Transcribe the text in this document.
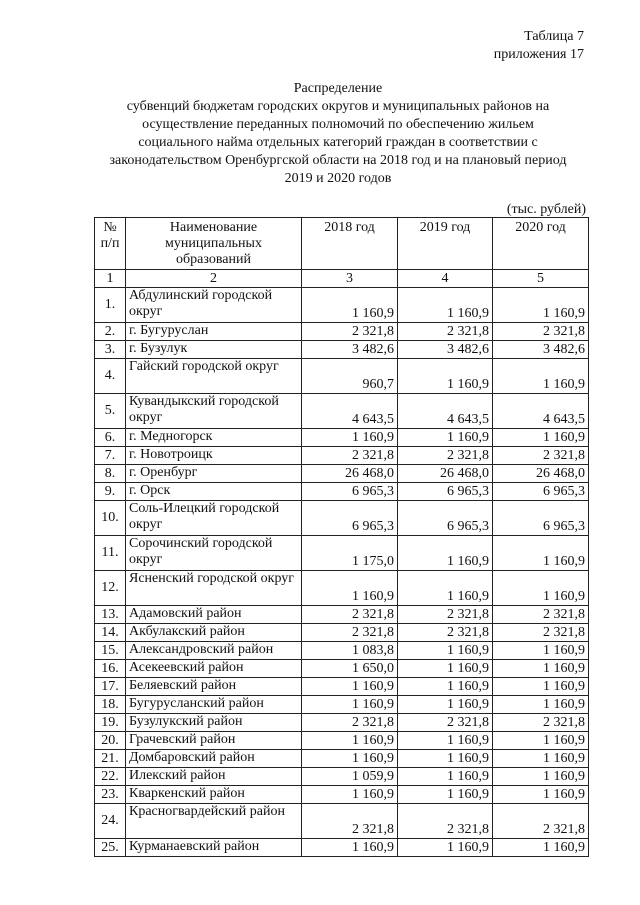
Таблица 7
приложения 17
Распределение
субвенций бюджетам городских округов и муниципальных районов на
осуществление переданных полномочий по обеспечению жильем
социального найма отдельных категорий граждан в соответствии с
законодательством Оренбургской области на 2018 год и на плановый период
2019 и 2020 годов
(тыс. рублей)
№ п/п	Наименование муниципальных образований	2018 год	2019 год	2020 год
1	2	3	4	5
1.	Абдулинский городской округ	1 160,9	1 160,9	1 160,9
2.	г. Бугуруслан	2 321,8	2 321,8	2 321,8
3.	г. Бузулук	3 482,6	3 482,6	3 482,6
4.	Гайский городской округ	960,7	1 160,9	1 160,9
5.	Кувандыкский городской округ	4 643,5	4 643,5	4 643,5
6.	г. Медногорск	1 160,9	1 160,9	1 160,9
7.	г. Новотроицк	2 321,8	2 321,8	2 321,8
8.	г. Оренбург	26 468,0	26 468,0	26 468,0
9.	г. Орск	6 965,3	6 965,3	6 965,3
10.	Соль-Илецкий городской округ	6 965,3	6 965,3	6 965,3
11.	Сорочинский городской округ	1 175,0	1 160,9	1 160,9
12.	Ясненский городской округ	1 160,9	1 160,9	1 160,9
13.	Адамовский район	2 321,8	2 321,8	2 321,8
14.	Акбулакский район	2 321,8	2 321,8	2 321,8
15.	Александровский район	1 083,8	1 160,9	1 160,9
16.	Асекеевский район	1 650,0	1 160,9	1 160,9
17.	Беляевский район	1 160,9	1 160,9	1 160,9
18.	Бугурусланский район	1 160,9	1 160,9	1 160,9
19.	Бузулукский район	2 321,8	2 321,8	2 321,8
20.	Грачевский район	1 160,9	1 160,9	1 160,9
21.	Домбаровский район	1 160,9	1 160,9	1 160,9
22.	Илекский район	1 059,9	1 160,9	1 160,9
23.	Кваркенский район	1 160,9	1 160,9	1 160,9
24.	Красногвардейский район	2 321,8	2 321,8	2 321,8
25.	Курманаевский район	1 160,9	1 160,9	1 160,9
